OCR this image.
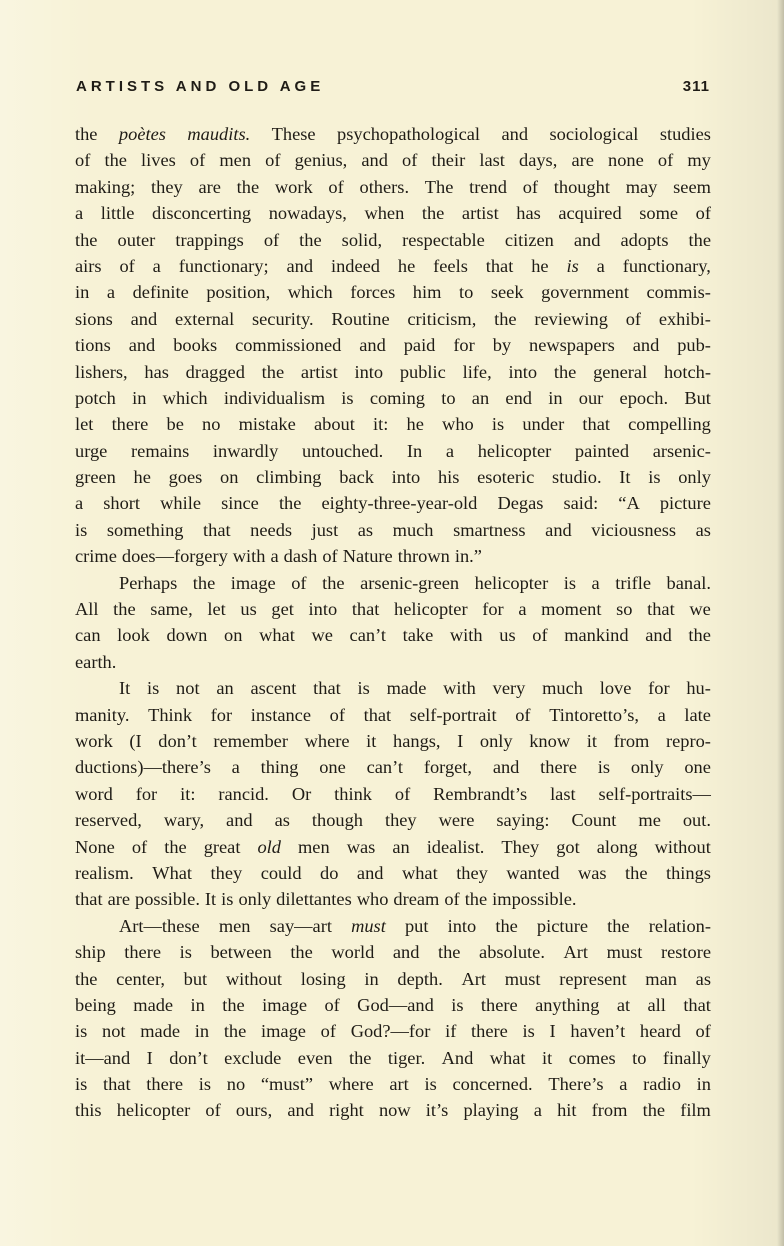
ARTISTS AND OLD AGE	311
the poètes maudits. These psychopathological and sociological studies
of the lives of men of genius, and of their last days, are none of my
making; they are the work of others. The trend of thought may seem
a little disconcerting nowadays, when the artist has acquired some of
the outer trappings of the solid, respectable citizen and adopts the
airs of a functionary; and indeed he feels that he is a functionary,
in a definite position, which forces him to seek government commis-
sions and external security. Routine criticism, the reviewing of exhibi-
tions and books commissioned and paid for by newspapers and pub-
lishers, has dragged the artist into public life, into the general hotch-
potch in which individualism is coming to an end in our epoch. But
let there be no mistake about it: he who is under that compelling
urge remains inwardly untouched. In a helicopter painted arsenic-
green he goes on climbing back into his esoteric studio. It is only
a short while since the eighty-three-year-old Degas said: “A picture
is something that needs just as much smartness and viciousness as
crime does—forgery with a dash of Nature thrown in.”
Perhaps the image of the arsenic-green helicopter is a trifle banal.
All the same, let us get into that helicopter for a moment so that we
can look down on what we can’t take with us of mankind and the
earth.
It is not an ascent that is made with very much love for hu-
manity. Think for instance of that self-portrait of Tintoretto’s, a late
work (I don’t remember where it hangs, I only know it from repro-
ductions)—there’s a thing one can’t forget, and there is only one
word for it: rancid. Or think of Rembrandt’s last self-portraits—
reserved, wary, and as though they were saying: Count me out.
None of the great old men was an idealist. They got along without
realism. What they could do and what they wanted was the things
that are possible. It is only dilettantes who dream of the impossible.
Art—these men say—art must put into the picture the relation-
ship there is between the world and the absolute. Art must restore
the center, but without losing in depth. Art must represent man as
being made in the image of God—and is there anything at all that
is not made in the image of God?—for if there is I haven’t heard of
it—and I don’t exclude even the tiger. And what it comes to finally
is that there is no “must” where art is concerned. There’s a radio in
this helicopter of ours, and right now it’s playing a hit from the film
